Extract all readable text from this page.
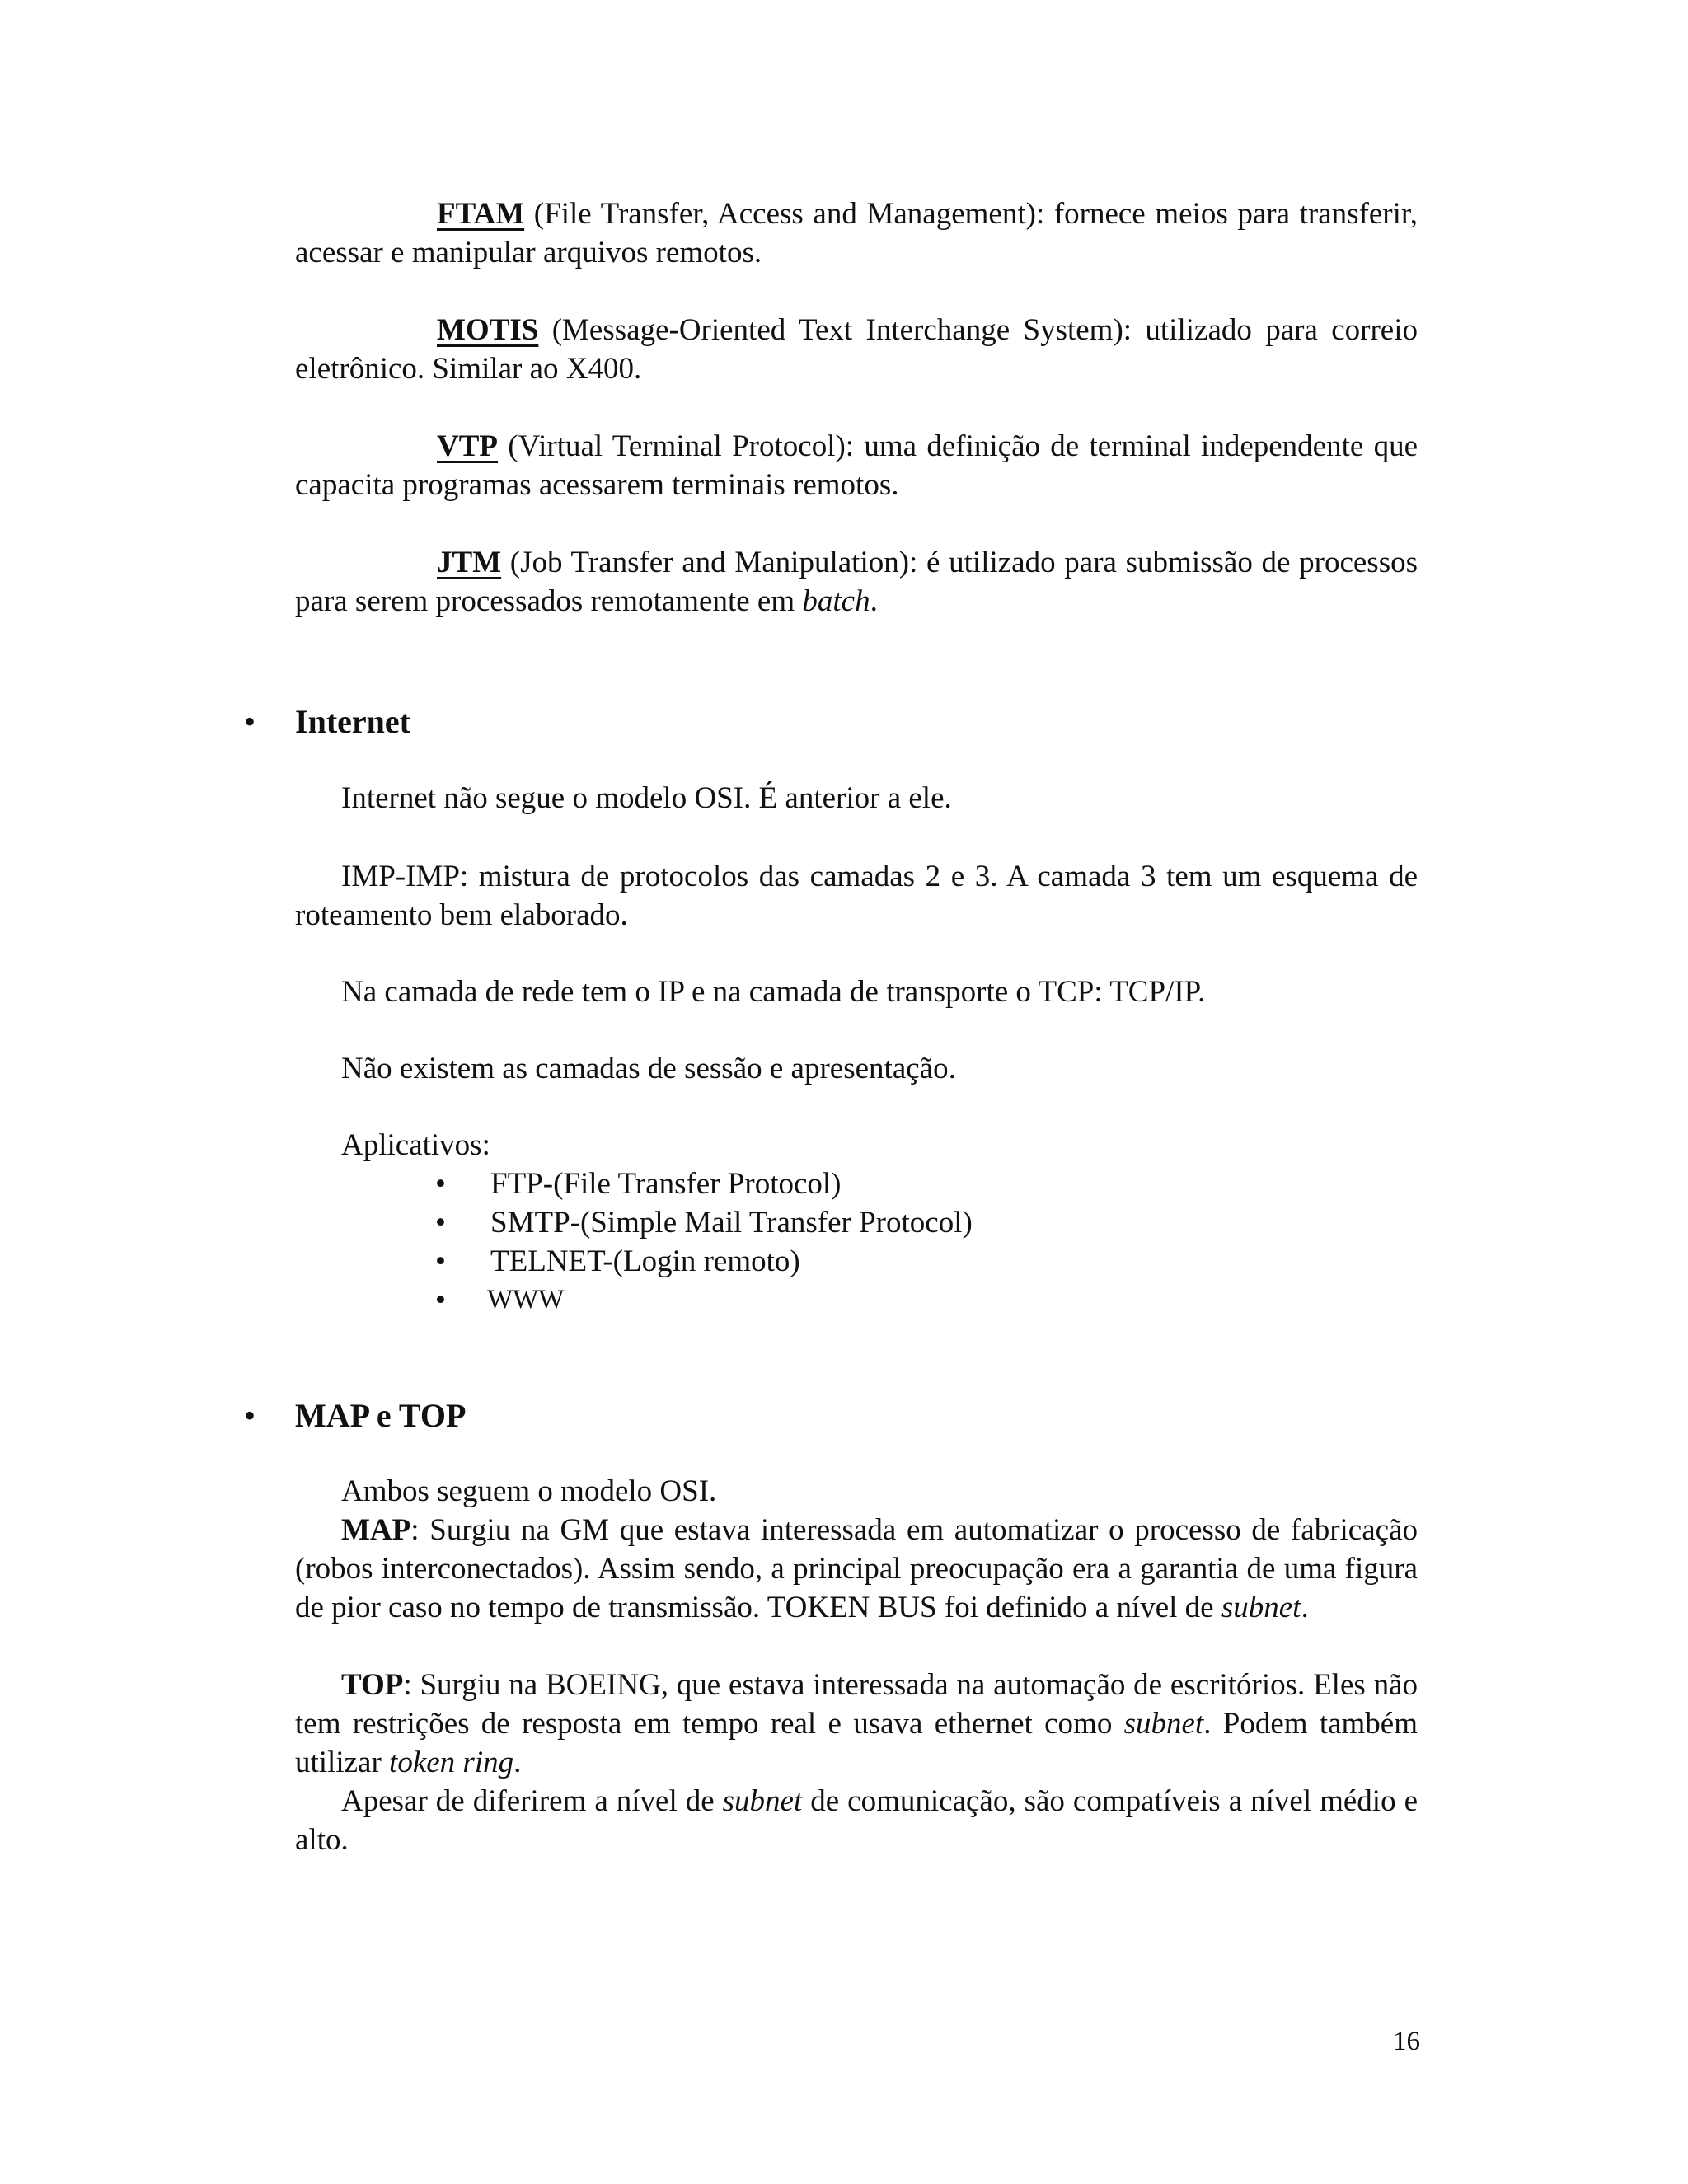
FTAM (File Transfer, Access and Management): fornece meios para transferir, acessar e manipular arquivos remotos.

MOTIS (Message-Oriented Text Interchange System): utilizado para correio eletrônico. Similar ao X400.

VTP (Virtual Terminal Protocol): uma definição de terminal independente que capacita programas acessarem terminais remotos.

JTM (Job Transfer and Manipulation): é utilizado para submissão de processos para serem processados remotamente em batch.

• Internet

Internet não segue o modelo OSI. É anterior a ele.

IMP-IMP: mistura de protocolos das camadas 2 e 3. A camada 3 tem um esquema de roteamento bem elaborado.

Na camada de rede tem o IP e na camada de transporte o TCP: TCP/IP.

Não existem as camadas de sessão e apresentação.

Aplicativos:

• FTP-(File Transfer Protocol)
• SMTP-(Simple Mail Transfer Protocol)
• TELNET-(Login remoto)
• WWW
• MAP e TOP

Ambos seguem o modelo OSI.

MAP: Surgiu na GM que estava interessada em automatizar o processo de fabricação (robos interconectados). Assim sendo, a principal preocupação era a garantia de uma figura de pior caso no tempo de transmissão. TOKEN BUS foi definido a nível de subnet.

TOP: Surgiu na BOEING, que estava interessada na automação de escritórios. Eles não tem restrições de resposta em tempo real e usava ethernet como subnet. Podem também utilizar token ring.

Apesar de diferirem a nível de subnet de comunicação, são compatíveis a nível médio e alto.

16
